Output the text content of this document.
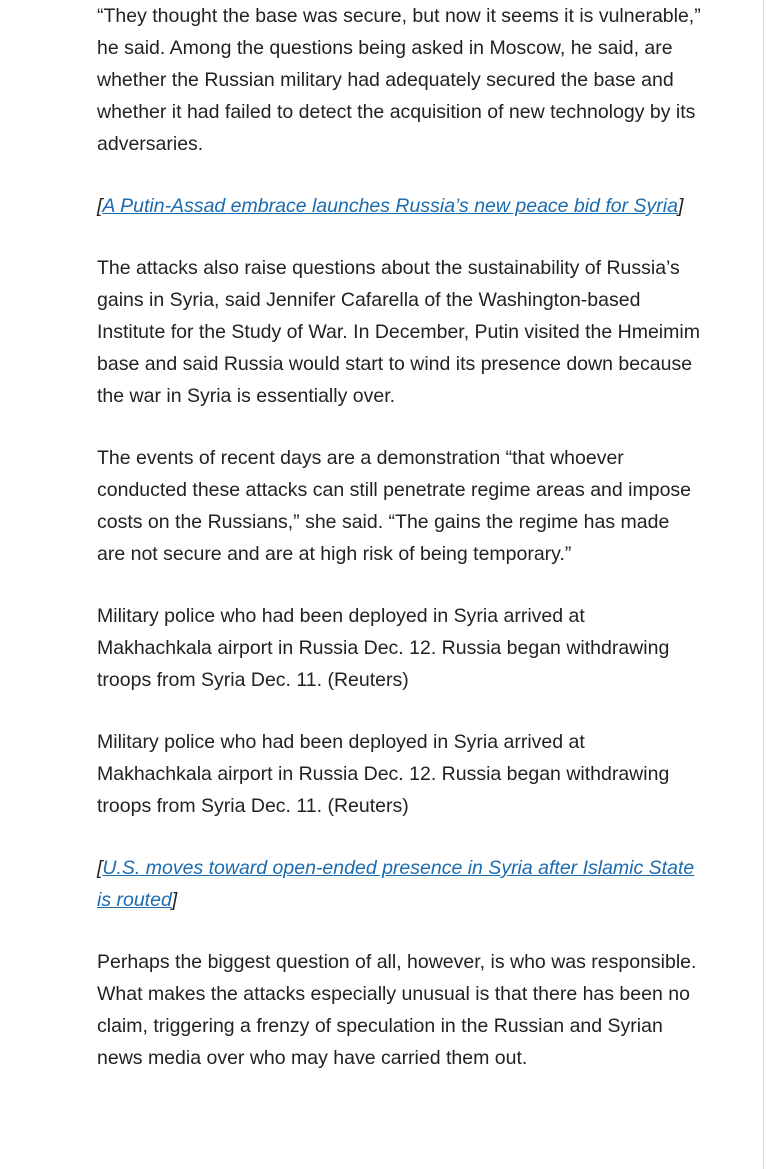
“They thought the base was secure, but now it seems it is vulnerable,” he said. Among the questions being asked in Moscow, he said, are whether the Russian military had adequately secured the base and whether it had failed to detect the acquisition of new technology by its adversaries.

[A Putin-Assad embrace launches Russia’s new peace bid for Syria]

The attacks also raise questions about the sustainability of Russia’s gains in Syria, said Jennifer Cafarella of the Washington-based Institute for the Study of War. In December, Putin visited the Hmeimim base and said Russia would start to wind its presence down because the war in Syria is essentially over.

The events of recent days are a demonstration “that whoever conducted these attacks can still penetrate regime areas and impose costs on the Russians,” she said. “The gains the regime has made are not secure and are at high risk of being temporary.”

Military police who had been deployed in Syria arrived at Makhachkala airport in Russia Dec. 12. Russia began withdrawing troops from Syria Dec. 11. (Reuters)

Military police who had been deployed in Syria arrived at Makhachkala airport in Russia Dec. 12. Russia began withdrawing troops from Syria Dec. 11. (Reuters)

[U.S. moves toward open-ended presence in Syria after Islamic State is routed]

Perhaps the biggest question of all, however, is who was responsible. What makes the attacks especially unusual is that there has been no claim, triggering a frenzy of speculation in the Russian and Syrian news media over who may have carried them out.
